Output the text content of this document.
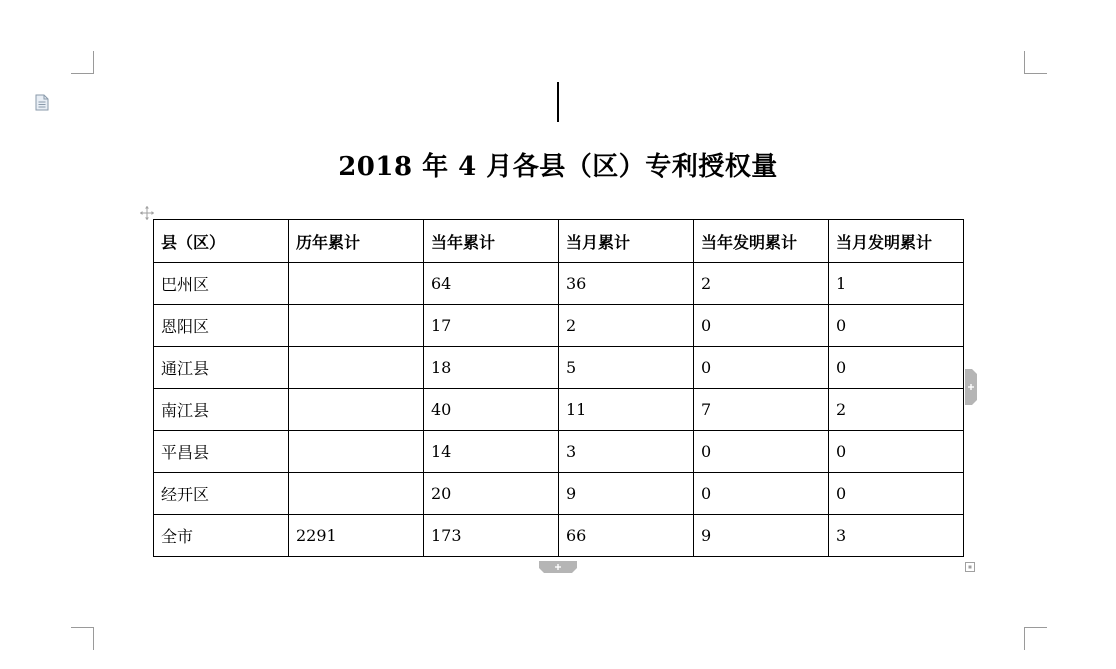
2018 年 4 月各县（区）专利授权量
县（区）	历年累计	当年累计	当月累计	当年发明累计	当月发明累计
巴州区		64	36	2	1
恩阳区		17	2	0	0
通江县		18	5	0	0
南江县		40	11	7	2
平昌县		14	3	0	0
经开区		20	9	0	0
全市	2291	173	66	9	3
